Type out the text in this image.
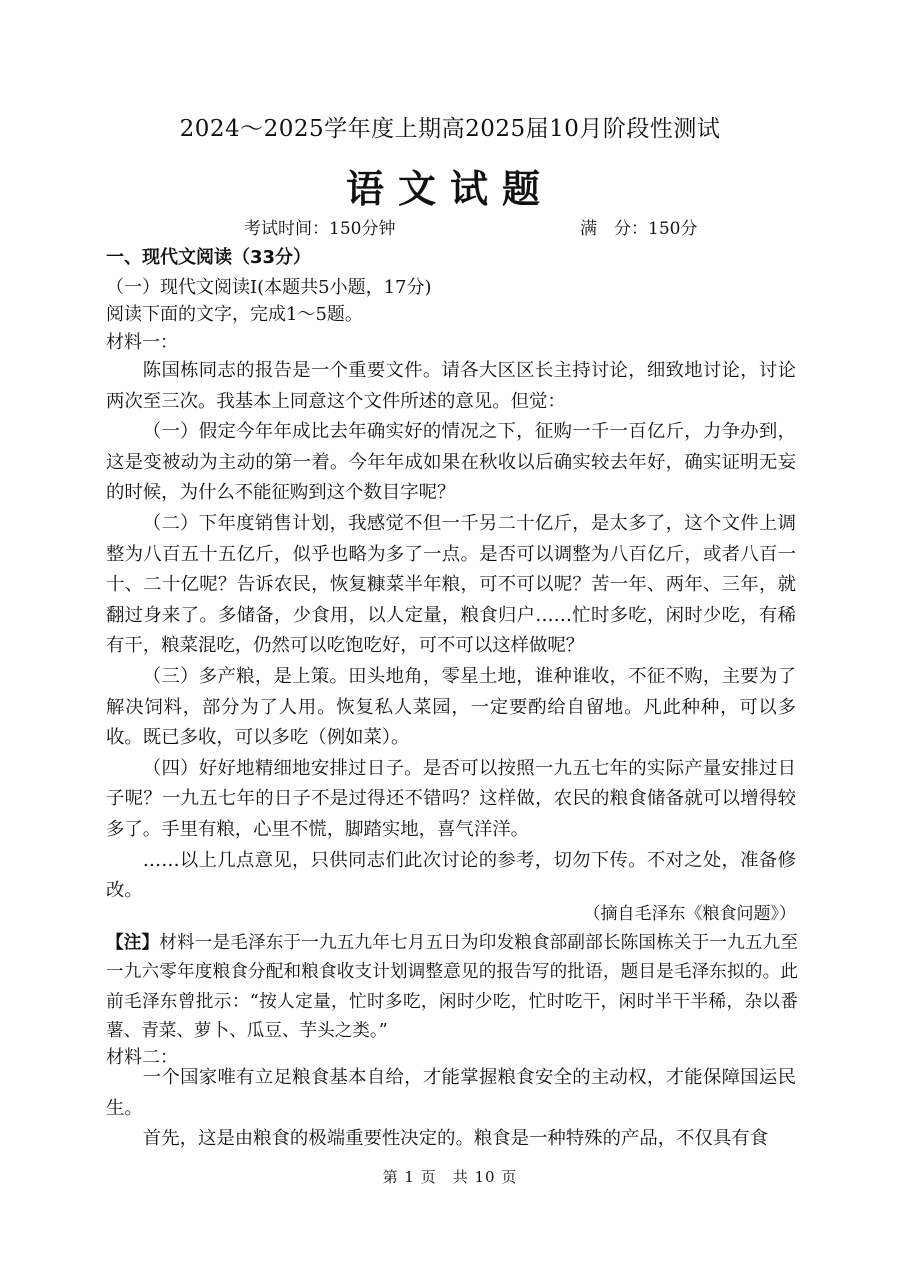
2024～2025学年度上期高2025届10月阶段性测试
语文试题
考试时间：150分钟	满　分：150分
一、现代文阅读（33分）
（一）现代文阅读Ⅰ(本题共5小题，17分)
阅读下面的文字，完成1～5题。
材料一：

陈国栋同志的报告是一个重要文件。请各大区区长主持讨论，细致地讨论，讨论两次至三次。我基本上同意这个文件所述的意见。但觉：

（一）假定今年年成比去年确实好的情况之下，征购一千一百亿斤，力争办到，这是变被动为主动的第一着。今年年成如果在秋收以后确实较去年好，确实证明无妄的时候，为什么不能征购到这个数目字呢？

（二）下年度销售计划，我感觉不但一千另二十亿斤，是太多了，这个文件上调整为八百五十五亿斤，似乎也略为多了一点。是否可以调整为八百亿斤，或者八百一十、二十亿呢？告诉农民，恢复糠菜半年粮，可不可以呢？苦一年、两年、三年，就翻过身来了。多储备，少食用，以人定量，粮食归户……忙时多吃，闲时少吃，有稀有干，粮菜混吃，仍然可以吃饱吃好，可不可以这样做呢？

（三）多产粮，是上策。田头地角，零星土地，谁种谁收，不征不购，主要为了解决饲料，部分为了人用。恢复私人菜园，一定要酌给自留地。凡此种种，可以多收。既已多收，可以多吃（例如菜）。

（四）好好地精细地安排过日子。是否可以按照一九五七年的实际产量安排过日子呢？一九五七年的日子不是过得还不错吗？这样做，农民的粮食储备就可以增得较多了。手里有粮，心里不慌，脚踏实地，喜气洋洋。

……以上几点意见，只供同志们此次讨论的参考，切勿下传。不对之处，准备修改。

（摘自毛泽东《粮食问题》）
【注】材料一是毛泽东于一九五九年七月五日为印发粮食部副部长陈国栋关于一九五九至一九六零年度粮食分配和粮食收支计划调整意见的报告写的批语，题目是毛泽东拟的。此前毛泽东曾批示：“按人定量，忙时多吃，闲时少吃，忙时吃干，闲时半干半稀，杂以番薯、青菜、萝卜、瓜豆、芋头之类。”
材料二：

一个国家唯有立足粮食基本自给，才能掌握粮食安全的主动权，才能保障国运民生。

首先，这是由粮食的极端重要性决定的。粮食是一种特殊的产品，不仅具有食

第 1 页　共 10 页
